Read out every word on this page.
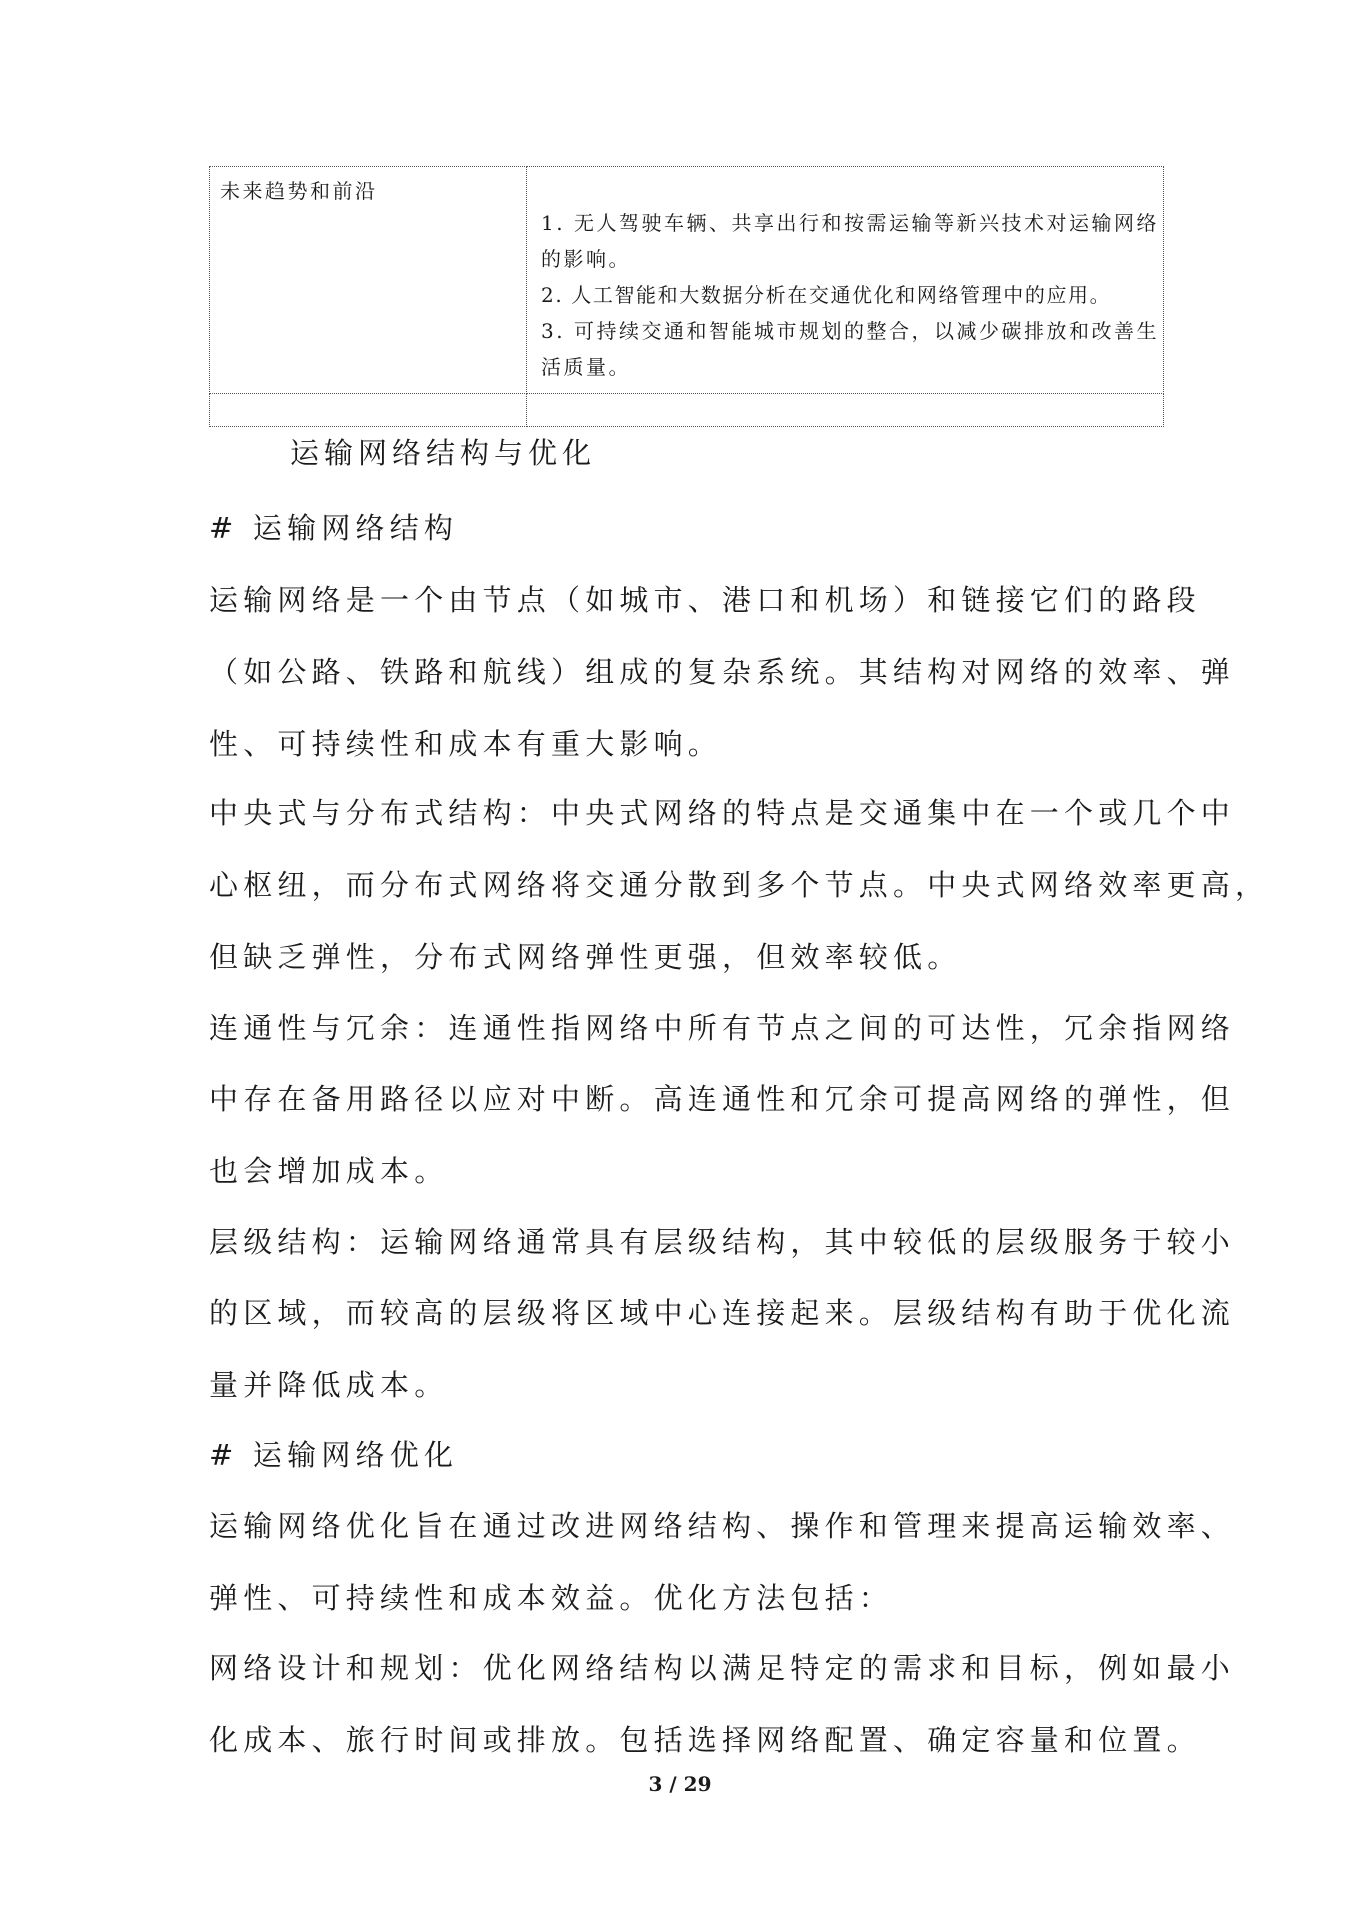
未来趋势和前沿	1. 无人驾驶车辆、共享出行和按需运输等新兴技术对运输网络的影响。

2. 人工智能和大数据分析在交通优化和网络管理中的应用。

3. 可持续交通和智能城市规划的整合，以减少碳排放和改善生活质量。

运输网络结构与优化

# 运输网络结构

运输网络是一个由节点（如城市、港口和机场）和链接它们的路段

（如公路、铁路和航线）组成的复杂系统。其结构对网络的效率、弹

性、可持续性和成本有重大影响。

中央式与分布式结构：中央式网络的特点是交通集中在一个或几个中

心枢纽，而分布式网络将交通分散到多个节点。中央式网络效率更高，

但缺乏弹性，分布式网络弹性更强，但效率较低。

连通性与冗余：连通性指网络中所有节点之间的可达性，冗余指网络

中存在备用路径以应对中断。高连通性和冗余可提高网络的弹性，但

也会增加成本。

层级结构：运输网络通常具有层级结构，其中较低的层级服务于较小

的区域，而较高的层级将区域中心连接起来。层级结构有助于优化流

量并降低成本。

# 运输网络优化

运输网络优化旨在通过改进网络结构、操作和管理来提高运输效率、

弹性、可持续性和成本效益。优化方法包括：

网络设计和规划：优化网络结构以满足特定的需求和目标，例如最小

化成本、旅行时间或排放。包括选择网络配置、确定容量和位置。

3 / 29
